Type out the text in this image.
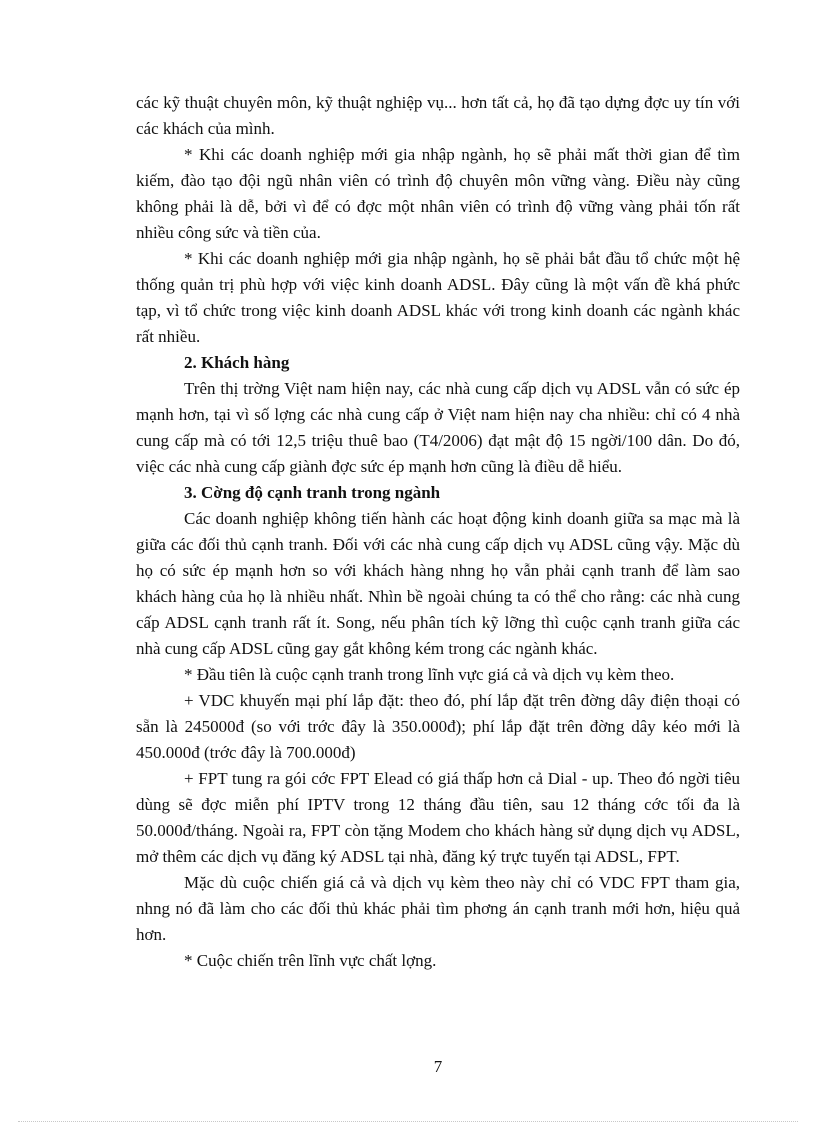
các kỹ thuật chuyên môn, kỹ thuật nghiệp vụ... hơn tất cả, họ đã tạo dựng đợc uy tín với các khách của mình.

* Khi các doanh nghiệp mới gia nhập ngành, họ sẽ phải mất thời gian để tìm kiếm, đào tạo đội ngũ nhân viên có trình độ chuyên môn vững vàng. Điều này cũng không phải là dễ, bởi vì để có đợc một nhân viên có trình độ vững vàng phải tốn rất nhiều công sức và tiền của.

* Khi các doanh nghiệp mới gia nhập ngành, họ sẽ phải bắt đầu tổ chức một hệ thống quản trị phù hợp với việc kinh doanh ADSL. Đây cũng là một vấn đề khá phức tạp, vì tổ chức trong việc kinh doanh ADSL khác với trong kinh doanh các ngành khác rất nhiều.

2. Khách hàng

Trên thị trờng Việt nam hiện nay, các nhà cung cấp dịch vụ ADSL vẫn có sức ép mạnh hơn, tại vì số lợng các nhà cung cấp ở Việt nam hiện nay cha nhiều: chỉ có 4 nhà cung cấp mà có tới 12,5 triệu thuê bao (T4/2006) đạt mật độ 15 ngời/100 dân. Do đó, việc các nhà cung cấp giành đợc sức ép mạnh hơn cũng là điều dễ hiểu.

3. Cờng độ cạnh tranh trong ngành

Các doanh nghiệp không tiến hành các hoạt động kinh doanh giữa sa mạc mà là giữa các đối thủ cạnh tranh. Đối với các nhà cung cấp dịch vụ ADSL cũng vậy. Mặc dù họ có sức ép mạnh hơn so với khách hàng nhng họ vẫn phải cạnh tranh để làm sao khách hàng của họ là nhiều nhất. Nhìn bề ngoài chúng ta có thể cho rằng: các nhà cung cấp ADSL cạnh tranh rất ít. Song, nếu phân tích kỹ lỡng thì cuộc cạnh tranh giữa các nhà cung cấp ADSL cũng gay gắt không kém trong các ngành khác.

* Đầu tiên là cuộc cạnh tranh trong lĩnh vực giá cả và dịch vụ kèm theo.

+ VDC khuyến mại phí lắp đặt: theo đó, phí lắp đặt trên đờng dây điện thoại có sẵn là 245000đ (so với trớc đây là 350.000đ); phí lắp đặt trên đờng dây kéo mới là 450.000đ (trớc đây là 700.000đ)

+ FPT tung ra gói cớc FPT Elead có giá thấp hơn cả Dial - up. Theo đó ngời tiêu dùng sẽ đợc miễn phí IPTV trong 12 tháng đầu tiên, sau 12 tháng cớc tối đa là 50.000đ/tháng. Ngoài ra, FPT còn tặng Modem cho khách hàng sử dụng dịch vụ ADSL, mở thêm các dịch vụ đăng ký ADSL tại nhà, đăng ký trực tuyến tại ADSL, FPT.

Mặc dù cuộc chiến giá cả và dịch vụ kèm theo này chỉ có VDC FPT tham gia, nhng nó đã làm cho các đối thủ khác phải tìm phơng án cạnh tranh mới hơn, hiệu quả hơn.

* Cuộc chiến trên lĩnh vực chất lợng.

7
